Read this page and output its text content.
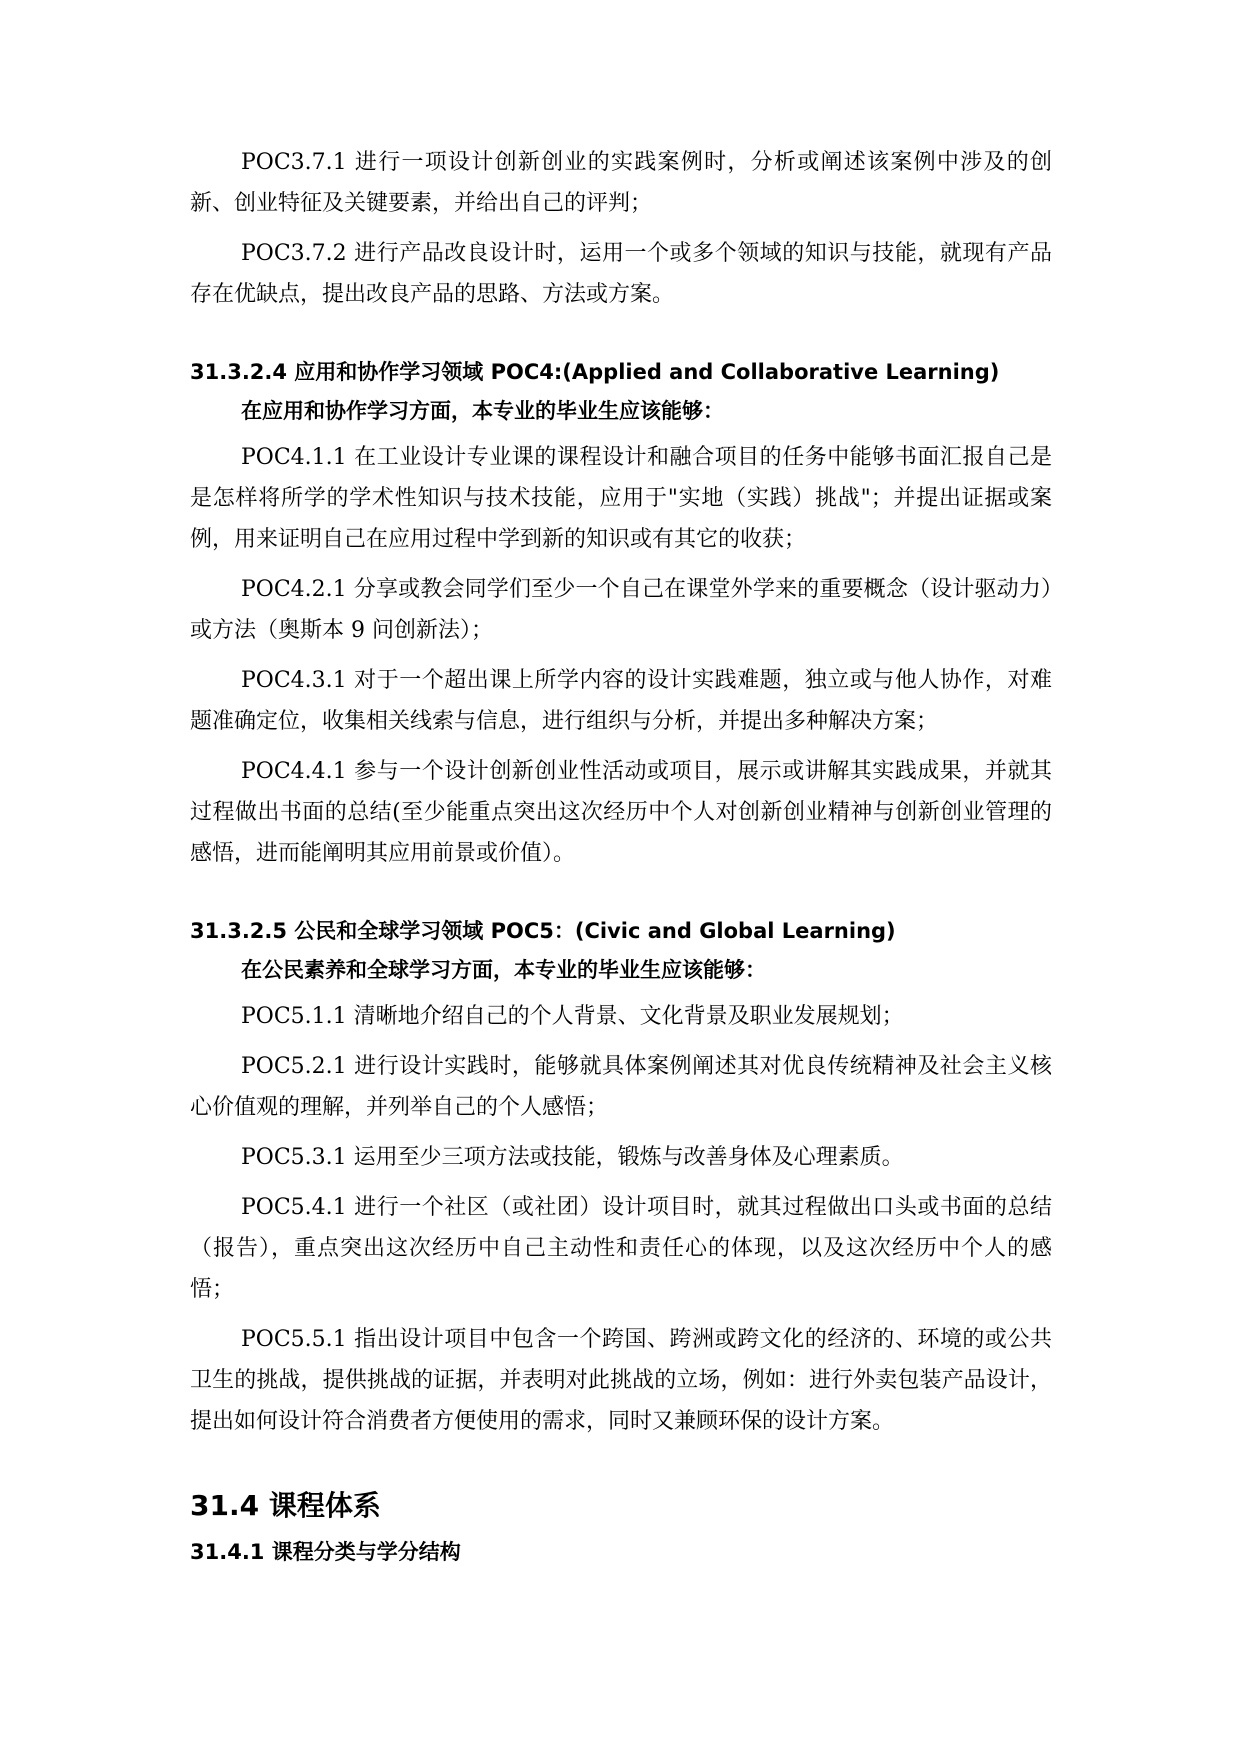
POC3.7.1 进行一项设计创新创业的实践案例时，分析或阐述该案例中涉及的创新、创业特征及关键要素，并给出自己的评判；

POC3.7.2 进行产品改良设计时，运用一个或多个领域的知识与技能，就现有产品存在优缺点，提出改良产品的思路、方法或方案。

31.3.2.4 应用和协作学习领域 POC4:(Applied and Collaborative Learning)
在应用和协作学习方面，本专业的毕业生应该能够：

POC4.1.1 在工业设计专业课的课程设计和融合项目的任务中能够书面汇报自己是是怎样将所学的学术性知识与技术技能，应用于"实地（实践）挑战"；并提出证据或案例，用来证明自己在应用过程中学到新的知识或有其它的收获；

POC4.2.1 分享或教会同学们至少一个自己在课堂外学来的重要概念（设计驱动力）或方法（奥斯本 9 问创新法）；

POC4.3.1 对于一个超出课上所学内容的设计实践难题，独立或与他人协作，对难题准确定位，收集相关线索与信息，进行组织与分析，并提出多种解决方案；

POC4.4.1 参与一个设计创新创业性活动或项目，展示或讲解其实践成果，并就其过程做出书面的总结(至少能重点突出这次经历中个人对创新创业精神与创新创业管理的感悟，进而能阐明其应用前景或价值）。

31.3.2.5 公民和全球学习领域 POC5：(Civic and Global Learning)
在公民素养和全球学习方面，本专业的毕业生应该能够：

POC5.1.1 清晰地介绍自己的个人背景、文化背景及职业发展规划；

POC5.2.1 进行设计实践时，能够就具体案例阐述其对优良传统精神及社会主义核心价值观的理解，并列举自己的个人感悟；

POC5.3.1 运用至少三项方法或技能，锻炼与改善身体及心理素质。

POC5.4.1 进行一个社区（或社团）设计项目时，就其过程做出口头或书面的总结（报告），重点突出这次经历中自己主动性和责任心的体现，以及这次经历中个人的感悟；

POC5.5.1 指出设计项目中包含一个跨国、跨洲或跨文化的经济的、环境的或公共卫生的挑战，提供挑战的证据，并表明对此挑战的立场，例如：进行外卖包装产品设计，提出如何设计符合消费者方便使用的需求，同时又兼顾环保的设计方案。

31.4 课程体系
31.4.1 课程分类与学分结构
